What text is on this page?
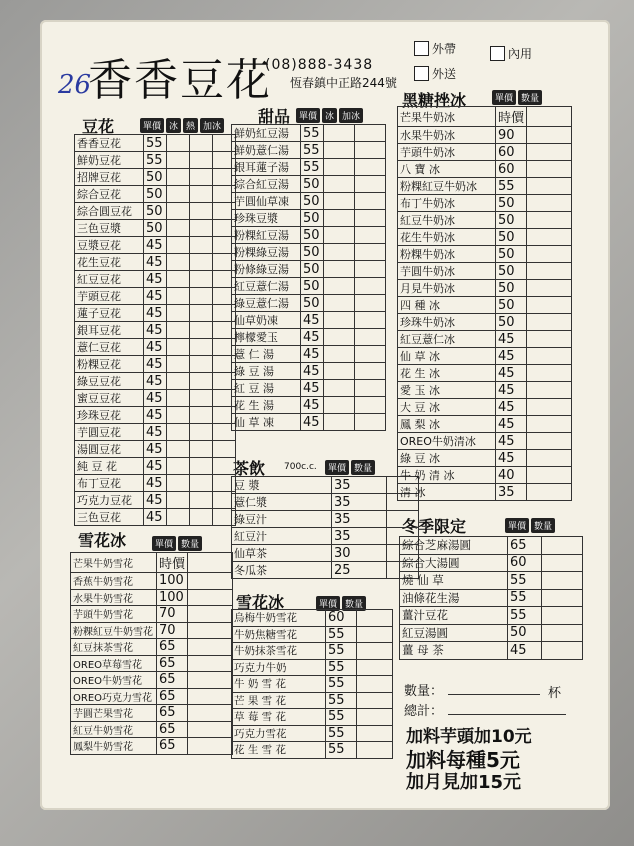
26
香香豆花
(08)888-3438
恆春鎮中正路244號
外帶
外送
內用
豆花	單價 冰 熱 加冰
甜品 單價 冰 加冰
茶飲 700c.c.	單價 數量
雪花冰	單價 數量
雪花冰	單價 數量
黑糖挫冰	單價 數量
冬季限定	單價 數量
香香豆花	55			
鮮奶豆花	55			
招牌豆花	50			
綜合豆花	50			
綜合圓豆花	50			
三色豆漿	50			
豆漿豆花	45			
花生豆花	45			
紅豆豆花	45			
芋頭豆花	45			
蓮子豆花	45			
銀耳豆花	45			
薏仁豆花	45			
粉粿豆花	45			
綠豆豆花	45			
蜜豆豆花	45			
珍珠豆花	45			
芋圓豆花	45			
湯圓豆花	45			
純 豆 花	45			
布丁豆花	45			
巧克力豆花	45			
三色豆花	45			
鮮奶紅豆湯	55		
鮮奶薏仁湯	55		
銀耳蓮子湯	55		
綜合紅豆湯	50		
芋圓仙草凍	50		
珍珠豆漿	50		
粉粿紅豆湯	50		
粉粿綠豆湯	50		
粉條綠豆湯	50		
紅豆薏仁湯	50		
綠豆薏仁湯	50		
仙草奶凍	45		
檸檬愛玉	45		
薏 仁 湯	45		
綠 豆 湯	45		
紅 豆 湯	45		
花 生 湯	45		
仙 草 凍	45		
豆 漿	35	
薏仁漿	35	
綠豆汁	35	
紅豆汁	35	
仙草茶	30	
冬瓜茶	25	
芒果牛奶雪花	時價	
香蕉牛奶雪花	100	
水果牛奶雪花	100	
芋頭牛奶雪花	70	
粉粿紅豆牛奶雪花	70	
紅豆抹茶雪花	65	
OREO草莓雪花	65	
OREO牛奶雪花	65	
OREO巧克力雪花	65	
芋圓芒果雪花	65	
紅豆牛奶雪花	65	
鳳梨牛奶雪花	65	
烏梅牛奶雪花	60	
牛奶焦糖雪花	55	
牛奶抹茶雪花	55	
巧克力牛奶	55	
牛 奶 雪 花	55	
芒 果 雪 花	55	
草 莓 雪 花	55	
巧克力雪花	55	
花 生 雪 花	55	
芒果牛奶冰	時價	
水果牛奶冰	90	
芋頭牛奶冰	60	
八 寶 冰	60	
粉粿紅豆牛奶冰	55	
布丁牛奶冰	50	
紅豆牛奶冰	50	
花生牛奶冰	50	
粉粿牛奶冰	50	
芋圓牛奶冰	50	
月見牛奶冰	50	
四 種 冰	50	
珍珠牛奶冰	50	
紅豆薏仁冰	45	
仙 草 冰	45	
花 生 冰	45	
愛 玉 冰	45	
大 豆 冰	45	
鳳 梨 冰	45	
OREO牛奶清冰	45	
綠 豆 冰	45	
牛 奶 清 冰	40	
清 冰	35	
綜合芝麻湯圓	65	
綜合大湯圓	60	
燒 仙 草	55	
油條花生湯	55	
薑汁豆花	55	
紅豆湯圓	50	
薑 母 茶	45	
數量：	杯
總計：
加料芋頭加10元
加料每種5元
加月見加15元
